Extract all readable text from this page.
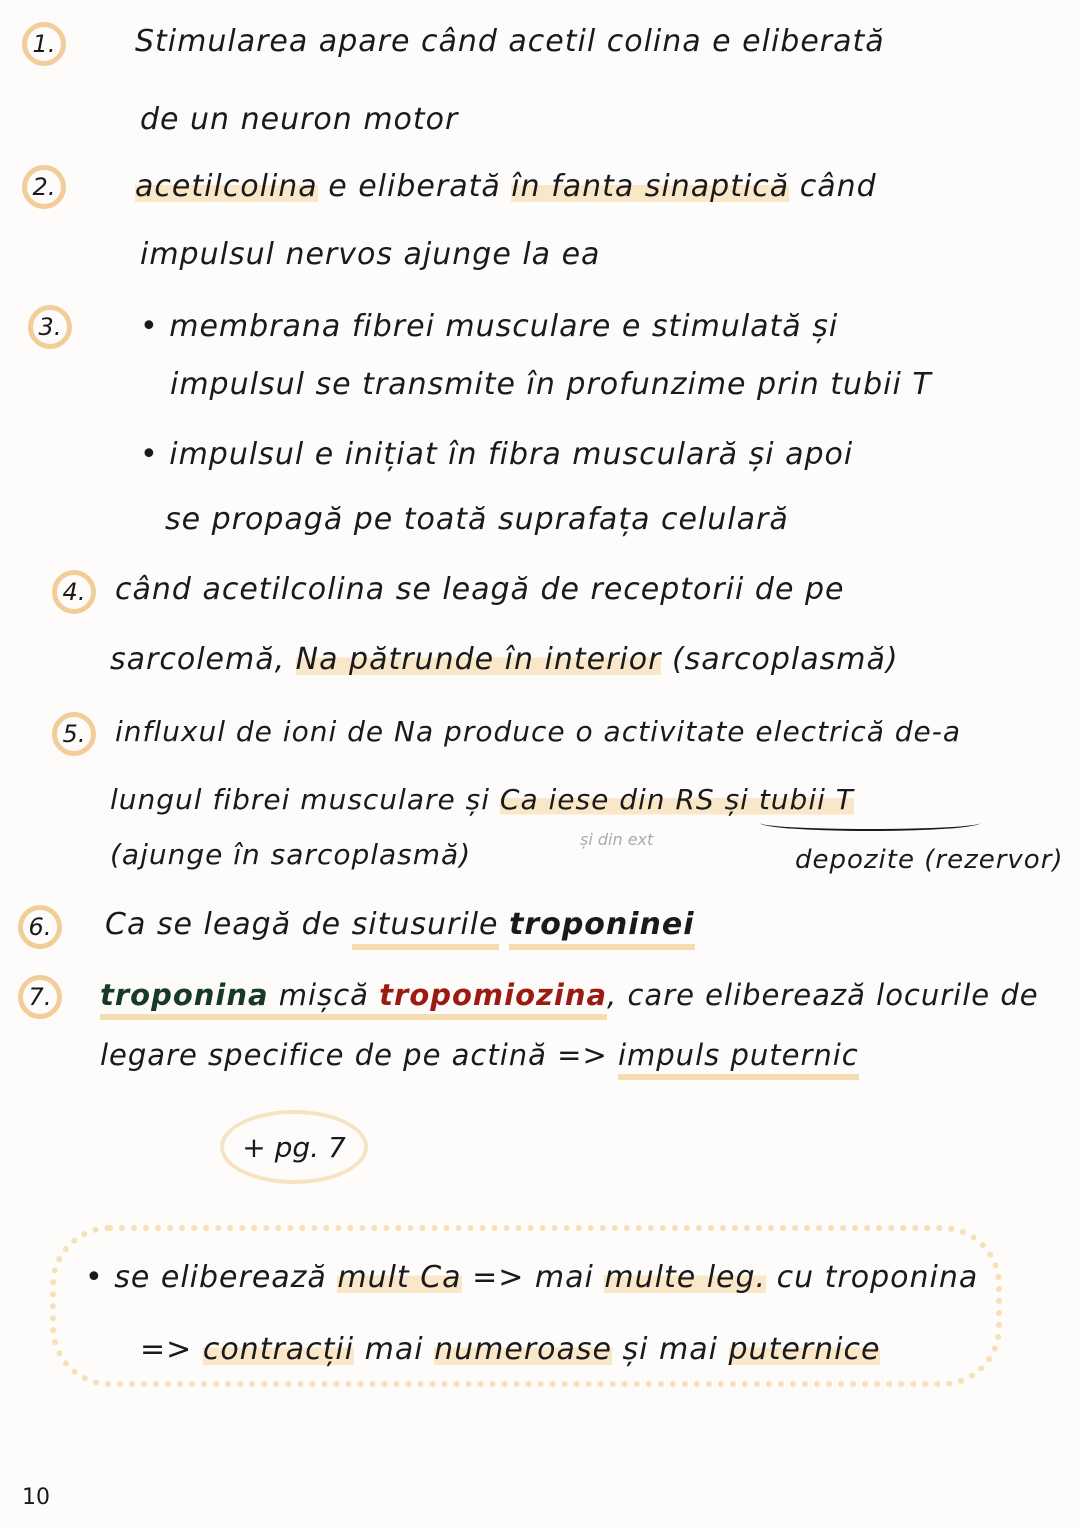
1.	Stimularea apare când acetil colina e eliberată
de un neuron motor
2.	acetilcolina e eliberată în fanta sinaptică când
impulsul nervos ajunge la ea
3.	• membrana fibrei musculare e stimulată și
impulsul se transmite în profunzime prin tubii T
• impulsul e inițiat în fibra musculară și apoi
se propagă pe toată suprafața celulară
4. când acetilcolina se leagă de receptorii de pe
sarcolemă, Na pătrunde în interior (sarcoplasmă)
5.	influxul de ioni de Na produce o activitate electrică de-a
lungul fibrei musculare și Ca iese din RS și tubii T
(ajunge în sarcoplasmă)	și din ext
depozite (rezervor)
6.	Ca se leagă de situsurile troponinei
7.	troponina mișcă tropomiozina, care eliberează locurile de
legare specifice de pe actină => impuls puternic
+ pg. 7
• se eliberează mult Ca => mai multe leg. cu troponina
=> contracții mai numeroase și mai puternice
10
